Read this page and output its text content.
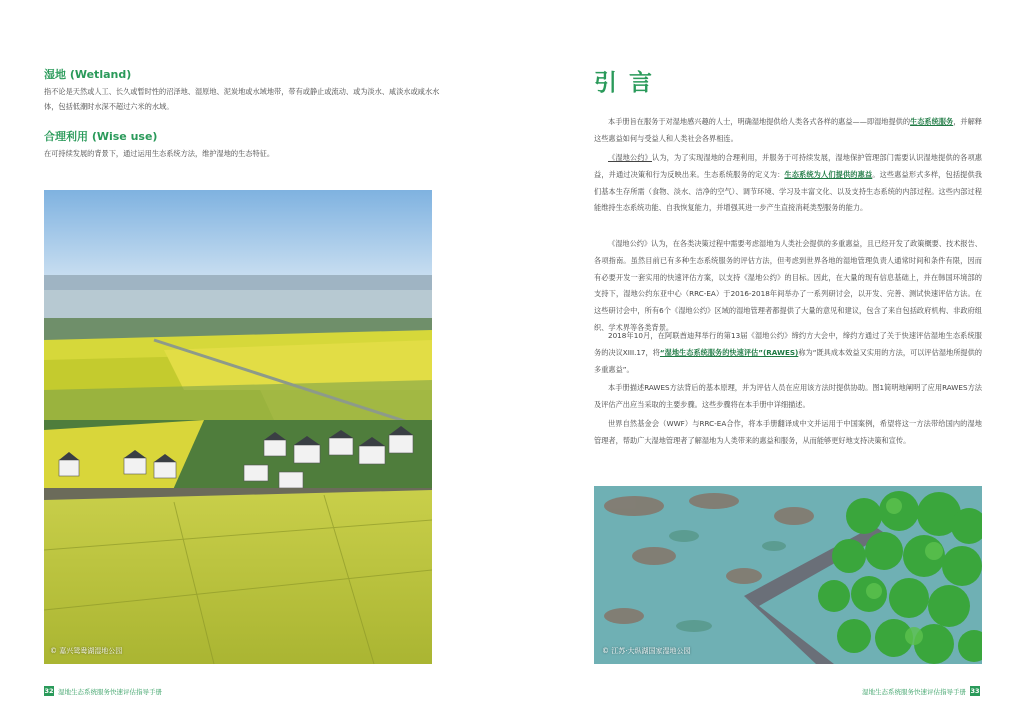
湿地 (Wetland)
指不论是天然或人工、长久或暂时性的沼泽地、湿原地、泥炭地或水域地带，带有或静止或流动、或为淡水、咸淡水或咸水水体，包括低潮时水深不超过六米的水域。
合理利用 (Wise use)
在可持续发展的背景下，通过运用生态系统方法，维护湿地的生态特征。
© 嘉兴鸳鸯湖湿地公园
32 湿地生态系统服务快速评估指导手册
引言
本手册旨在服务于对湿地感兴趣的人士，明确湿地提供给人类各式各样的惠益——即湿地提供的生态系统服务，并解释这些惠益如何与受益人和人类社会各界相连。
《湿地公约》认为，为了实现湿地的合理利用，并服务于可持续发展，湿地保护管理部门需要认识湿地提供的各项惠益，并通过决策和行为反映出来。生态系统服务的定义为：生态系统为人们提供的惠益。这些惠益形式多样，包括提供我们基本生存所需（食物、淡水、洁净的空气）、调节环境、学习及丰富文化、以及支持生态系统的内部过程。这些内部过程能维持生态系统功能、自我恢复能力，并增强其进一步产生直接消耗类型服务的能力。
《湿地公约》认为，在各类决策过程中需要考虑湿地为人类社会提供的多重惠益，且已经开发了政策概要、技术报告、各项指南。虽然目前已有多种生态系统服务的评估方法，但考虑到世界各地的湿地管理负责人通常时间和条件有限，因而有必要开发一套实用的快速评估方案，以支持《湿地公约》的目标。因此，在大量的现有信息基础上，并在韩国环境部的支持下，湿地公约东亚中心（RRC-EA）于2016-2018年间举办了一系列研讨会，以开发、完善、测试快速评估方法。在这些研讨会中，所有6个《湿地公约》区域的湿地管理者都提供了大量的意见和建议，包含了来自包括政府机构、非政府组织、学术界等各类背景。
2018年10月，在阿联酋迪拜举行的第13届《湿地公约》缔约方大会中，缔约方通过了关于快速评估湿地生态系统服务的决议XIII.17，将“湿地生态系统服务的快速评估”(RAWES)称为“既具成本效益又实用的方法，可以评估湿地所提供的多重惠益”。
本手册描述RAWES方法背后的基本原理，并为评估人员在应用该方法时提供协助。图1简明地阐明了应用RAWES方法及评估产出应当采取的主要步骤。这些步骤将在本手册中详细描述。
世界自然基金会（WWF）与RRC-EA合作，将本手册翻译成中文并运用于中国案例，希望将这一方法带给国内的湿地管理者，帮助广大湿地管理者了解湿地为人类带来的惠益和服务，从而能够更好地支持决策和宣传。
© 江苏·大纵湖国家湿地公园
湿地生态系统服务快速评估指导手册 33
